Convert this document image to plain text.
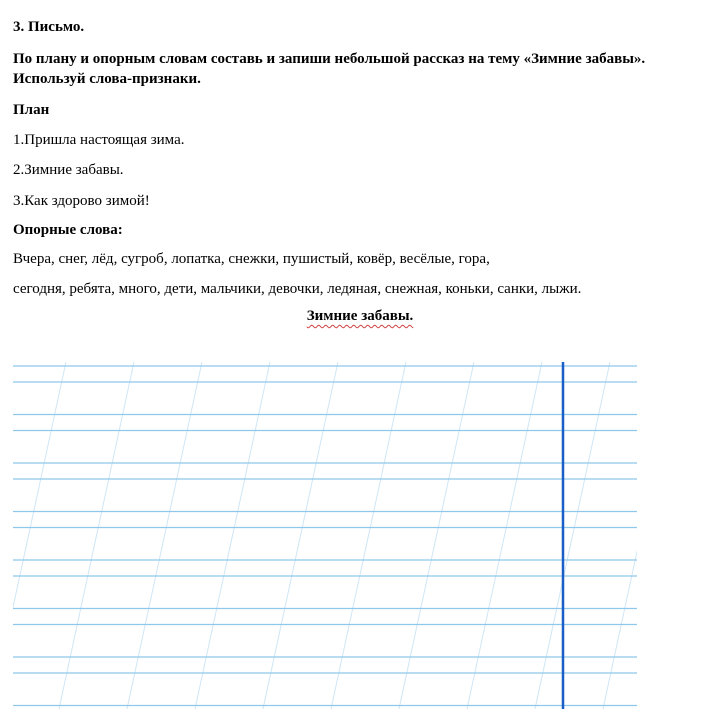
3. Письмо.
По плану и опорным словам составь и запиши небольшой рассказ на тему «Зимние забавы». Используй слова-признаки.
План
1.Пришла настоящая зима.
2.Зимние забавы.
3.Как здорово зимой!
Опорные слова:
Вчера, снег, лёд, сугроб, лопатка, снежки, пушистый, ковёр, весёлые, гора,
сегодня, ребята, много, дети, мальчики, девочки, ледяная, снежная, коньки, санки, лыжи.
Зимние забавы.
